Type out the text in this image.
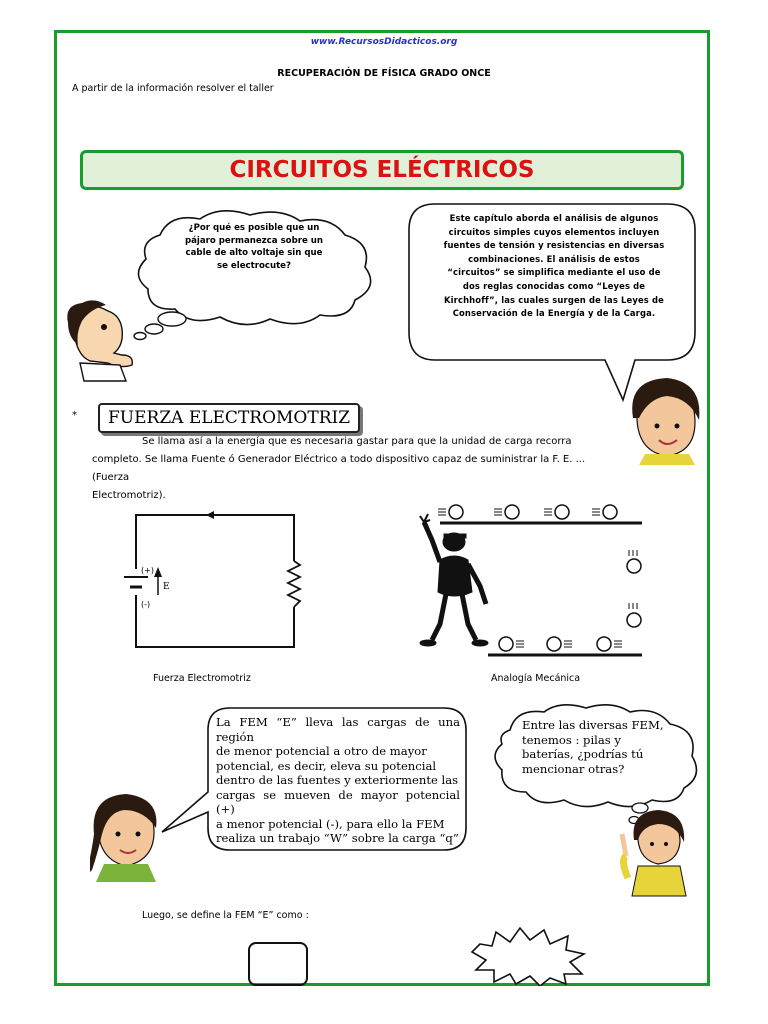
www.RecursosDidacticos.org
RECUPERACIÓN DE FÍSICA GRADO ONCE
A partir de la información resolver el taller
CIRCUITOS ELÉCTRICOS
¿Por qué es posible que un
pájaro permanezca sobre un
cable de alto voltaje sin que
se electrocute?
Este capítulo aborda el análisis de algunos
circuitos simples cuyos elementos incluyen
fuentes de tensión y resistencias en diversas
combinaciones. El análisis de estos
“circuitos” se simplifica mediante el uso de
dos reglas conocidas como “Leyes de
Kirchhoff”, las cuales surgen de las Leyes de
Conservación de la Energía y de la Carga.
*	FUERZA ELECTROMOTRIZ
Se llama así a la energía que es necesaria gastar para que la unidad de carga recorra
completo. Se llama Fuente ó Generador Eléctrico a todo dispositivo capaz de suministrar la F. E. ... (Fuerza
Electromotriz).
(+)
(-)
E
Fuerza Electromotriz	Analogía Mecánica
La FEM “E” lleva las cargas de una región
de menor potencial a otro de mayor
potencial, es decir, eleva su potencial
dentro de las fuentes y exteriormente las
cargas se mueven de mayor potencial (+)
a menor potencial (-), para ello la FEM
realiza un trabajo “W” sobre la carga “q”
Entre las diversas FEM,
tenemos : pilas y
baterías, ¿podrías tú
mencionar otras?
Luego, se define la FEM “E” como :
